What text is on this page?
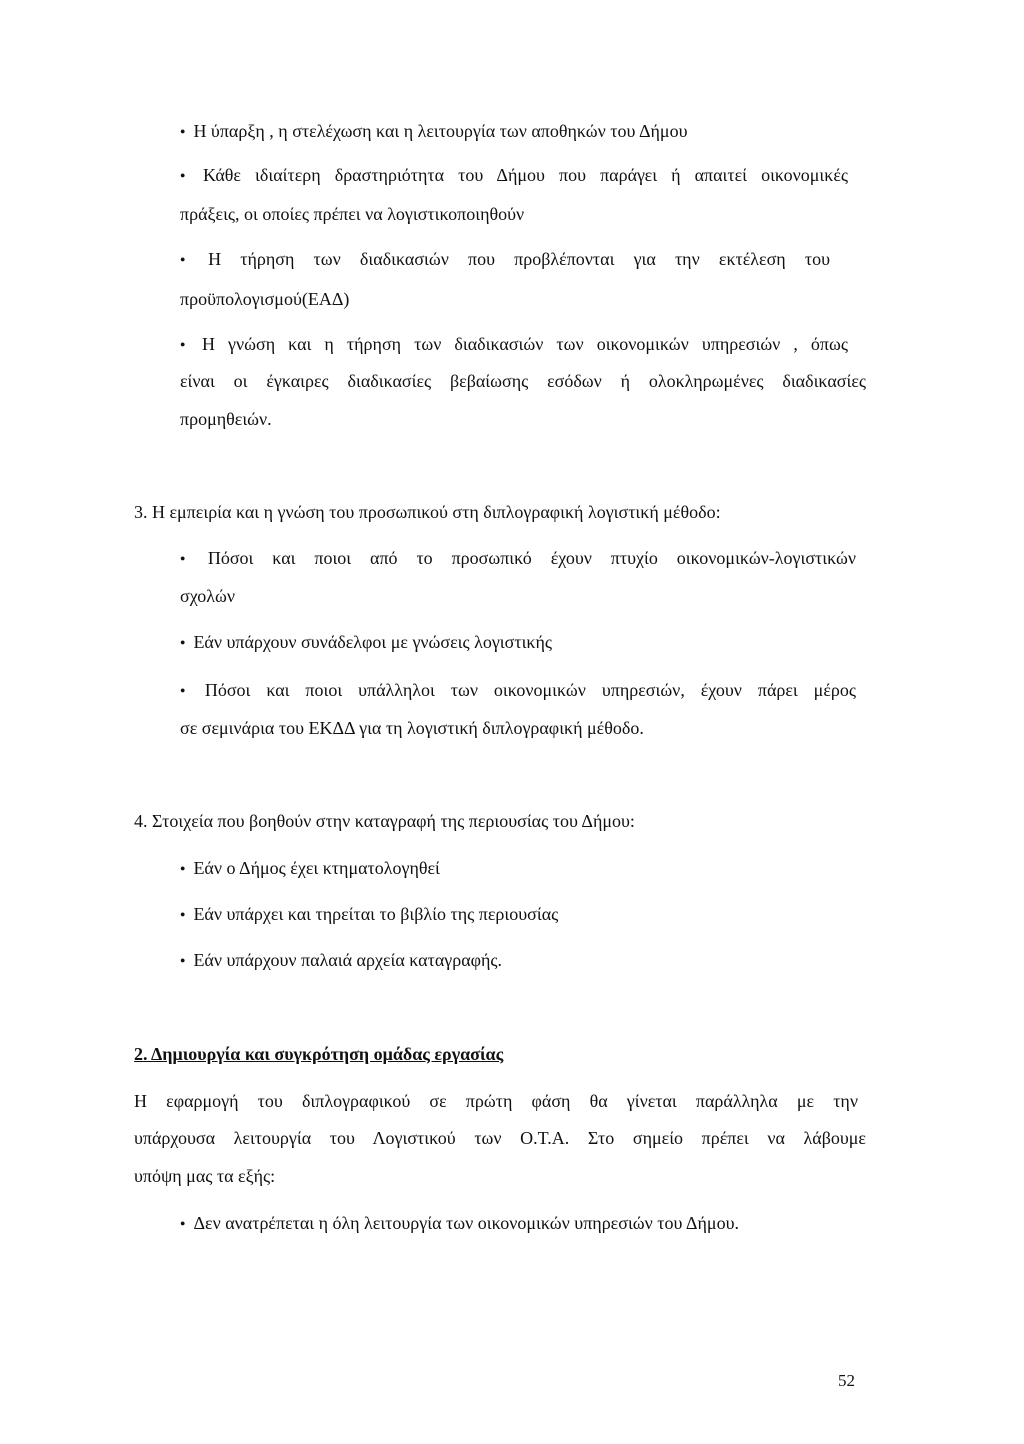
● Η ύπαρξη , η στελέχωση και η λειτουργία των αποθηκών του Δήμου
● Κάθε ιδιαίτερη δραστηριότητα του Δήμου που παράγει ή απαιτεί οικονομικές
πράξεις, οι οποίες πρέπει να λογιστικοποιηθούν
● Η τήρηση των διαδικασιών που προβλέπονται για την εκτέλεση του
προϋπολογισμού(ΕΑΔ)
● Η γνώση και η τήρηση των διαδικασιών των οικονομικών υπηρεσιών , όπως
είναι οι έγκαιρες διαδικασίες βεβαίωσης εσόδων ή ολοκληρωμένες διαδικασίες
προμηθειών.
3. Η εμπειρία και η γνώση του προσωπικού στη διπλογραφική λογιστική μέθοδο:
● Πόσοι και ποιοι από το προσωπικό έχουν πτυχίο οικονομικών-λογιστικών
σχολών
● Εάν υπάρχουν συνάδελφοι με γνώσεις λογιστικής
● Πόσοι και ποιοι υπάλληλοι των οικονομικών υπηρεσιών, έχουν πάρει μέρος
σε σεμινάρια του ΕΚΔΔ για τη λογιστική διπλογραφική μέθοδο.
4. Στοιχεία που βοηθούν στην καταγραφή της περιουσίας του Δήμου:
● Εάν ο Δήμος έχει κτηματολογηθεί
● Εάν υπάρχει και τηρείται το βιβλίο της περιουσίας
● Εάν υπάρχουν παλαιά αρχεία καταγραφής.
2. Δημιουργία και συγκρότηση ομάδας εργασίας
Η εφαρμογή του διπλογραφικού σε πρώτη φάση θα γίνεται παράλληλα με την
υπάρχουσα λειτουργία του Λογιστικού των Ο.Τ.Α. Στο σημείο πρέπει να λάβουμε
υπόψη μας τα εξής:
● Δεν ανατρέπεται η όλη λειτουργία των οικονομικών υπηρεσιών του Δήμου.
52
